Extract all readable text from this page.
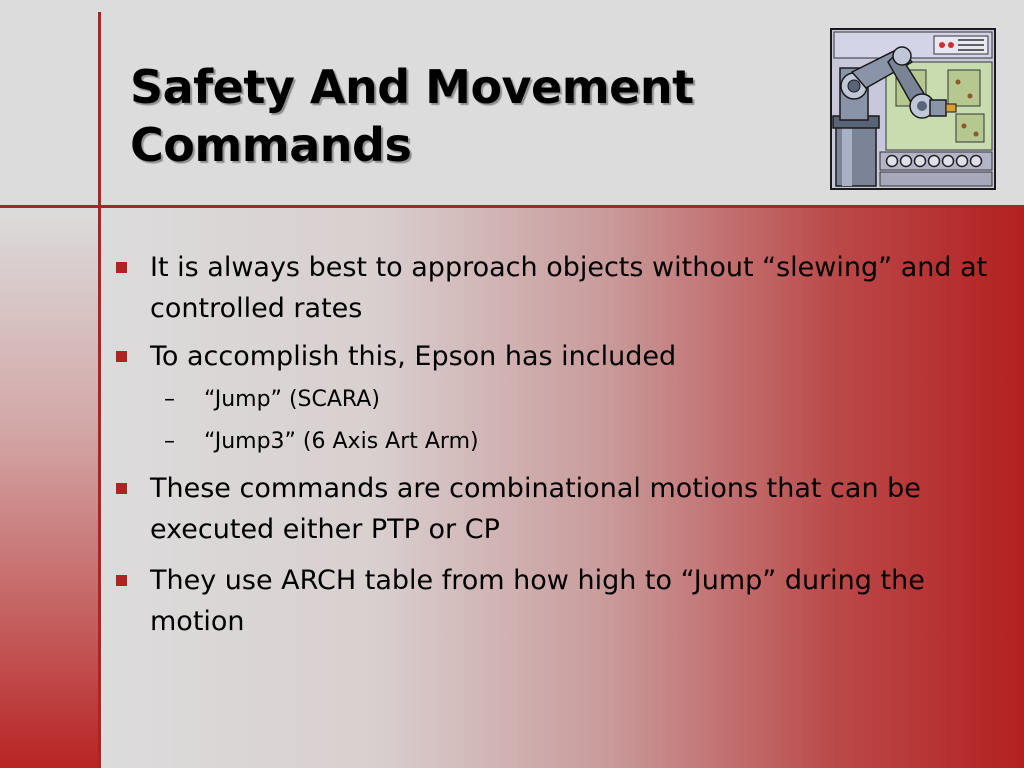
Safety And Movement Commands
It is always best to approach objects without “slewing” and at controlled rates
To accomplish this, Epson has included
– “Jump” (SCARA)
– “Jump3” (6 Axis Art Arm)
These commands are combinational motions that can be executed either PTP or CP
They use ARCH table from how high to “Jump” during the motion
